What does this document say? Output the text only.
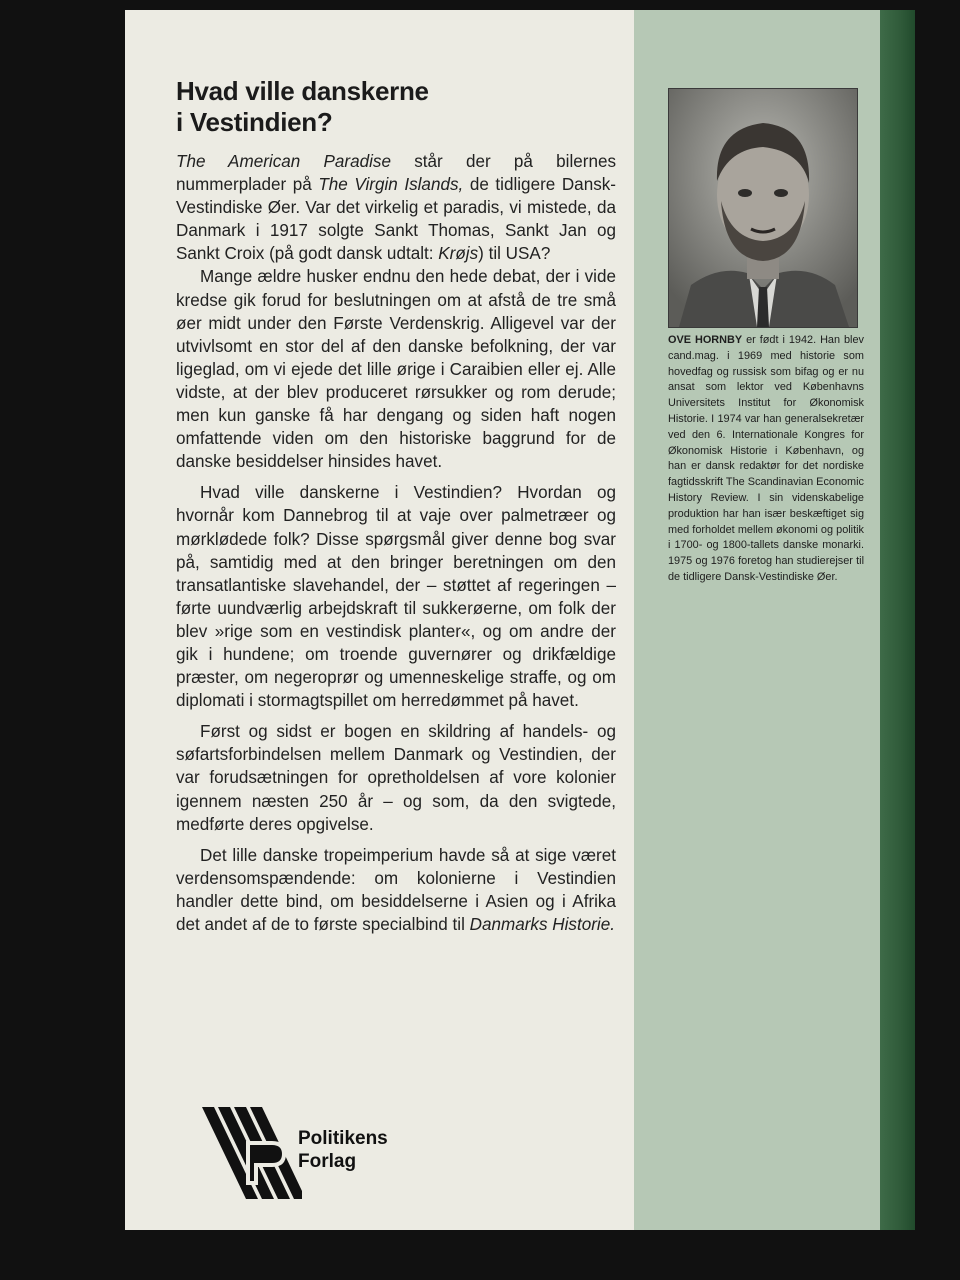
Hvad ville danskerne
i Vestindien?

The American Paradise står der på bilernes nummerplader på The Virgin Islands, de tidligere Dansk-Vestindiske Øer. Var det virkelig et paradis, vi mistede, da Danmark i 1917 solgte Sankt Thomas, Sankt Jan og Sankt Croix (på godt dansk udtalt: Krøjs) til USA?

Mange ældre husker endnu den hede debat, der i vide kredse gik forud for beslutningen om at afstå de tre små øer midt under den Første Verdenskrig. Alligevel var der utvivlsomt en stor del af den danske befolkning, der var ligeglad, om vi ejede det lille ørige i Caraibien eller ej. Alle vidste, at der blev produceret rørsukker og rom derude; men kun ganske få har dengang og siden haft nogen omfattende viden om den historiske baggrund for de danske besiddelser hinsides havet.

Hvad ville danskerne i Vestindien? Hvordan og hvornår kom Dannebrog til at vaje over palmetræer og mørklødede folk? Disse spørgsmål giver denne bog svar på, samtidig med at den bringer beretningen om den transatlantiske slavehandel, der – støttet af regeringen – førte uundværlig arbejdskraft til sukkerøerne, om folk der blev »rige som en vestindisk planter«, og om andre der gik i hundene; om troende guvernører og drikfældige præster, om negeroprør og umenneskelige straffe, og om diplomati i stormagtspillet om herredømmet på havet.

Først og sidst er bogen en skildring af handels- og søfartsforbindelsen mellem Danmark og Vestindien, der var forudsætningen for opretholdelsen af vore kolonier igennem næsten 250 år – og som, da den svigtede, medførte deres opgivelse.

Det lille danske tropeimperium havde så at sige været verdensomspændende: om kolonierne i Vestindien handler dette bind, om besiddelserne i Asien og i Afrika det andet af de to første specialbind til Danmarks Historie.

OVE HORNBY er født i 1942. Han blev cand.mag. i 1969 med historie som hovedfag og russisk som bifag og er nu ansat som lektor ved Københavns Universitets Institut for Økonomisk Historie. I 1974 var han generalsekretær ved den 6. Internationale Kongres for Økonomisk Historie i København, og han er dansk redaktør for det nordiske fagtidsskrift The Scandinavian Economic History Review. I sin videnskabelige produktion har han især beskæftiget sig med forholdet mellem økonomi og politik i 1700- og 1800-tallets danske monarki. 1975 og 1976 foretog han studierejser til de tidligere Dansk-Vestindiske Øer.

Politikens
Forlag
